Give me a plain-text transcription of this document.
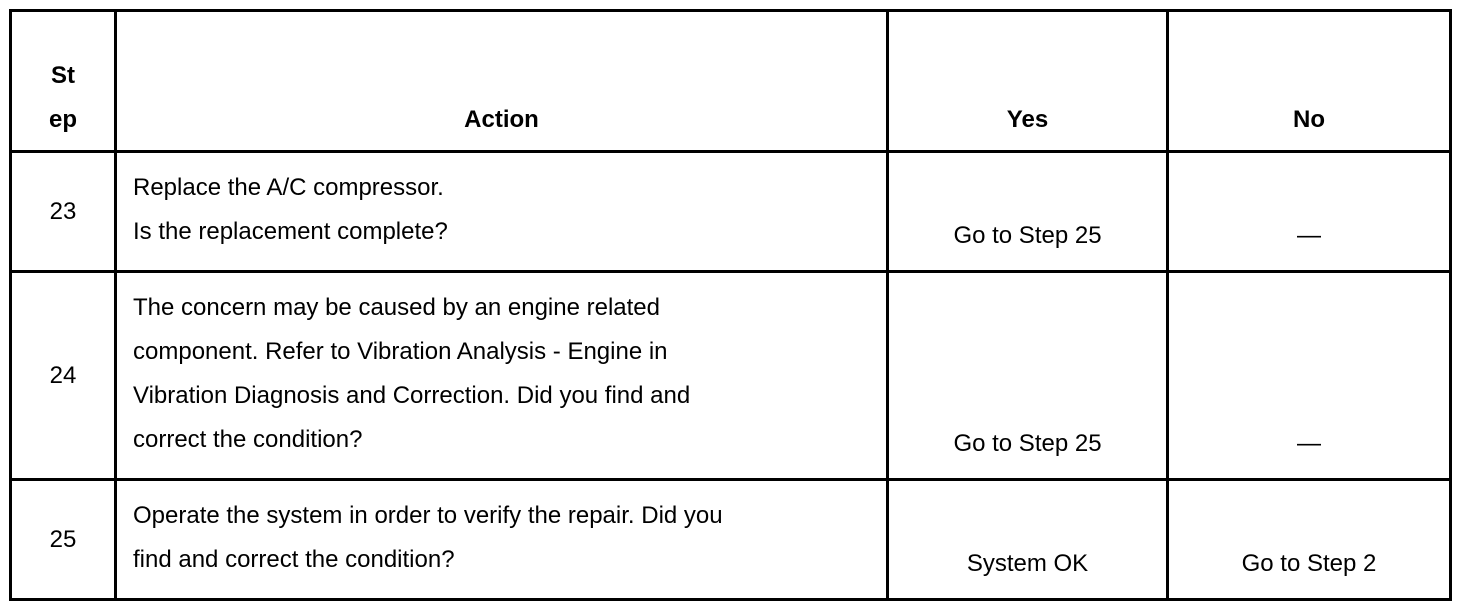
St
ep	Action	Yes	No
23	Replace the A/C compressor.
Is the replacement complete?	Go to Step 25	—
24	The concern may be caused by an engine related
component. Refer to Vibration Analysis - Engine in
Vibration Diagnosis and Correction. Did you find and
correct the condition?	Go to Step 25	—
25	Operate the system in order to verify the repair. Did you
find and correct the condition?	System OK	Go to Step 2
